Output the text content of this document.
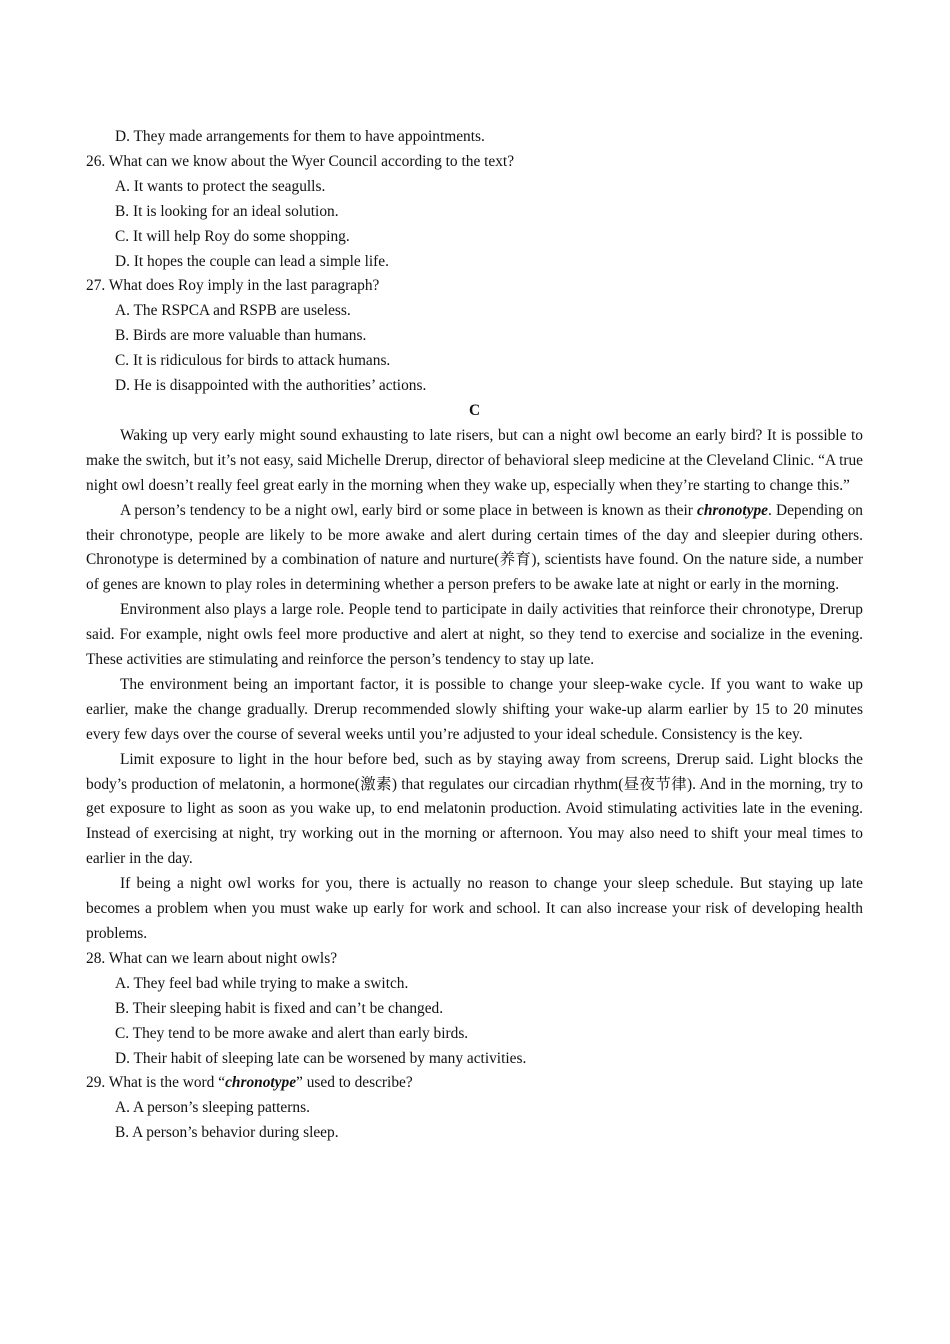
D. They made arrangements for them to have appointments.
26. What can we know about the Wyer Council according to the text?
A. It wants to protect the seagulls.
B. It is looking for an ideal solution.
C. It will help Roy do some shopping.
D. It hopes the couple can lead a simple life.
27. What does Roy imply in the last paragraph?
A. The RSPCA and RSPB are useless.
B. Birds are more valuable than humans.
C. It is ridiculous for birds to attack humans.
D. He is disappointed with the authorities’ actions.
C

Waking up very early might sound exhausting to late risers, but can a night owl become an early bird? It is possible to make the switch, but it’s not easy, said Michelle Drerup, director of behavioral sleep medicine at the Cleveland Clinic. “A true night owl doesn’t really feel great early in the morning when they wake up, especially when they’re starting to change this.”

A person’s tendency to be a night owl, early bird or some place in between is known as their chronotype. Depending on their chronotype, people are likely to be more awake and alert during certain times of the day and sleepier during others. Chronotype is determined by a combination of nature and nurture(养育), scientists have found. On the nature side, a number of genes are known to play roles in determining whether a person prefers to be awake late at night or early in the morning.

Environment also plays a large role. People tend to participate in daily activities that reinforce their chronotype, Drerup said. For example, night owls feel more productive and alert at night, so they tend to exercise and socialize in the evening. These activities are stimulating and reinforce the person’s tendency to stay up late.

The environment being an important factor, it is possible to change your sleep-wake cycle. If you want to wake up earlier, make the change gradually. Drerup recommended slowly shifting your wake-up alarm earlier by 15 to 20 minutes every few days over the course of several weeks until you’re adjusted to your ideal schedule. Consistency is the key.

Limit exposure to light in the hour before bed, such as by staying away from screens, Drerup said. Light blocks the body’s production of melatonin, a hormone(激素) that regulates our circadian rhythm(昼夜节律). And in the morning, try to get exposure to light as soon as you wake up, to end melatonin production. Avoid stimulating activities late in the evening. Instead of exercising at night, try working out in the morning or afternoon. You may also need to shift your meal times to earlier in the day.

If being a night owl works for you, there is actually no reason to change your sleep schedule. But staying up late becomes a problem when you must wake up early for work and school. It can also increase your risk of developing health problems.

28. What can we learn about night owls?
A. They feel bad while trying to make a switch.
B. Their sleeping habit is fixed and can’t be changed.
C. They tend to be more awake and alert than early birds.
D. Their habit of sleeping late can be worsened by many activities.
29. What is the word “chronotype” used to describe?
A. A person’s sleeping patterns.
B. A person’s behavior during sleep.
